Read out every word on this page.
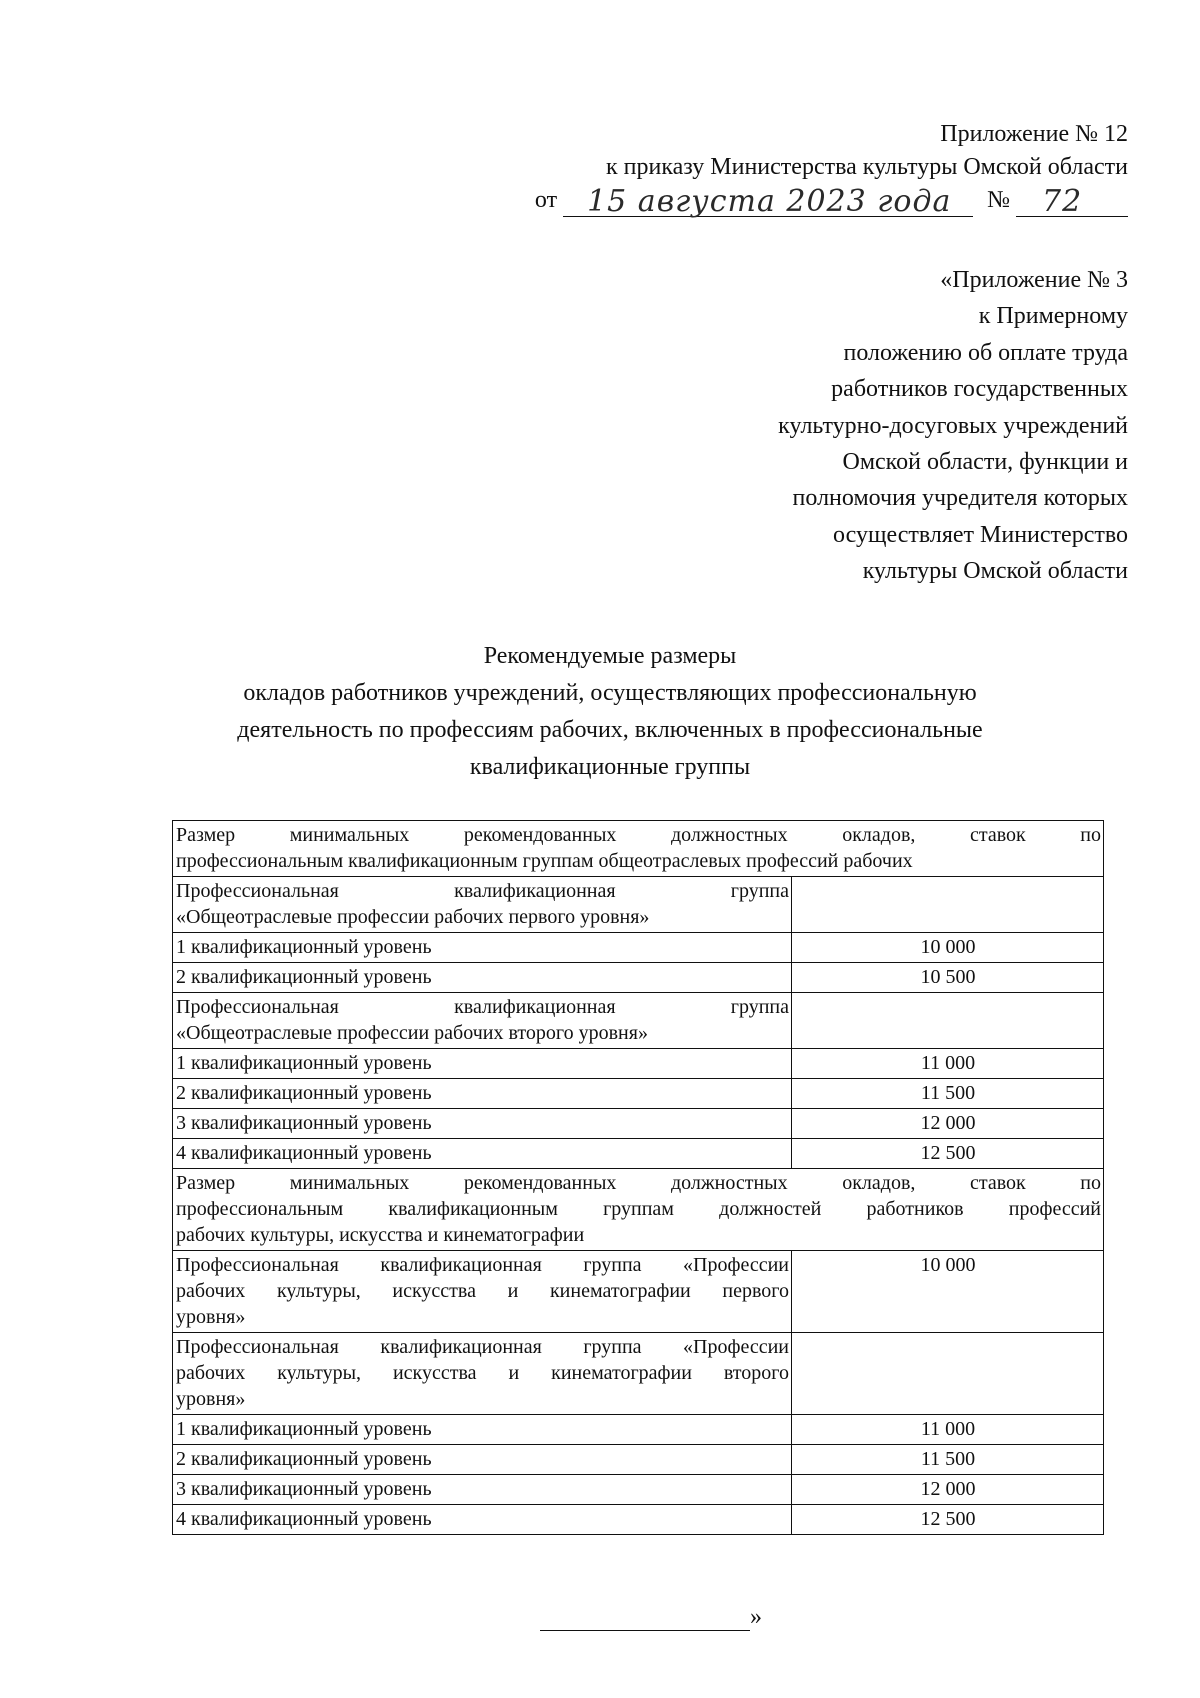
Приложение № 12
к приказу Министерства культуры Омской области
от 15 августа 2023 года № 72
«Приложение № 3
к Примерному
положению об оплате труда
работников государственных
культурно-досуговых учреждений
Омской области, функции и
полномочия учредителя которых
осуществляет Министерство
культуры Омской области
Рекомендуемые размеры
окладов работников учреждений, осуществляющих профессиональную
деятельность по профессиям рабочих, включенных в профессиональные
квалификационные группы
Размер минимальных рекомендованных должностных окладов, ставок по
профессиональным квалификационным группам общеотраслевых профессий рабочих	

Профессиональная квалификационная группа
«Общеотраслевые профессии рабочих первого уровня»	

1 квалификационный уровень	10 000
2 квалификационный уровень	10 500

Профессиональная квалификационная группа
«Общеотраслевые профессии рабочих второго уровня»	

1 квалификационный уровень	11 000
2 квалификационный уровень	11 500
3 квалификационный уровень	12 000
4 квалификационный уровень	12 500

Размер минимальных рекомендованных должностных окладов, ставок по
профессиональным квалификационным группам должностей работников профессий
рабочих культуры, искусства и кинематографии	

Профессиональная квалификационная группа «Профессии
рабочих культуры, искусства и кинематографии первого
уровня»	10 000

Профессиональная квалификационная группа «Профессии
рабочих культуры, искусства и кинематографии второго
уровня»	

1 квалификационный уровень	11 000
2 квалификационный уровень	11 500
3 квалификационный уровень	12 000
4 квалификационный уровень	12 500
»
